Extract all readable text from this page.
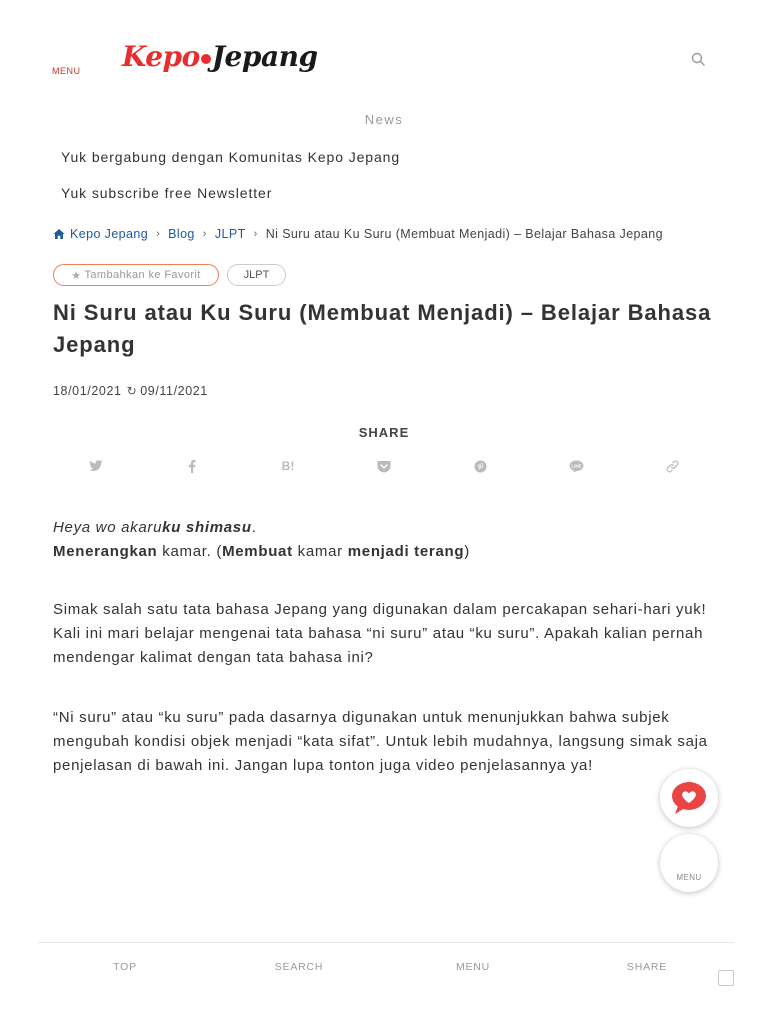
MENU Kepo Jepang
News
Yuk bergabung dengan Komunitas Kepo Jepang
Yuk subscribe free Newsletter
Kepo Jepang › Blog › JLPT › Ni Suru atau Ku Suru (Membuat Menjadi) – Belajar Bahasa Jepang
★ Tambahkan ke Favorit	JLPT
Ni Suru atau Ku Suru (Membuat Menjadi) – Belajar Bahasa Jepang
18/01/2021 ↻ 09/11/2021
SHARE
B!	LINE
Heya wo akaruku shimasu.
Menerangkan kamar. (Membuat kamar menjadi terang)

Simak salah satu tata bahasa Jepang yang digunakan dalam percakapan sehari-hari yuk! Kali ini mari belajar mengenai tata bahasa “ni suru” atau “ku suru”. Apakah kalian pernah mendengar kalimat dengan tata bahasa ini?

“Ni suru” atau “ku suru” pada dasarnya digunakan untuk menunjukkan bahwa subjek mengubah kondisi objek menjadi “kata sifat”. Untuk lebih mudahnya, langsung simak saja penjelasan di bawah ini. Jangan lupa tonton juga video penjelasannya ya!

MENU
TOP	SEARCH	MENU	SHARE
